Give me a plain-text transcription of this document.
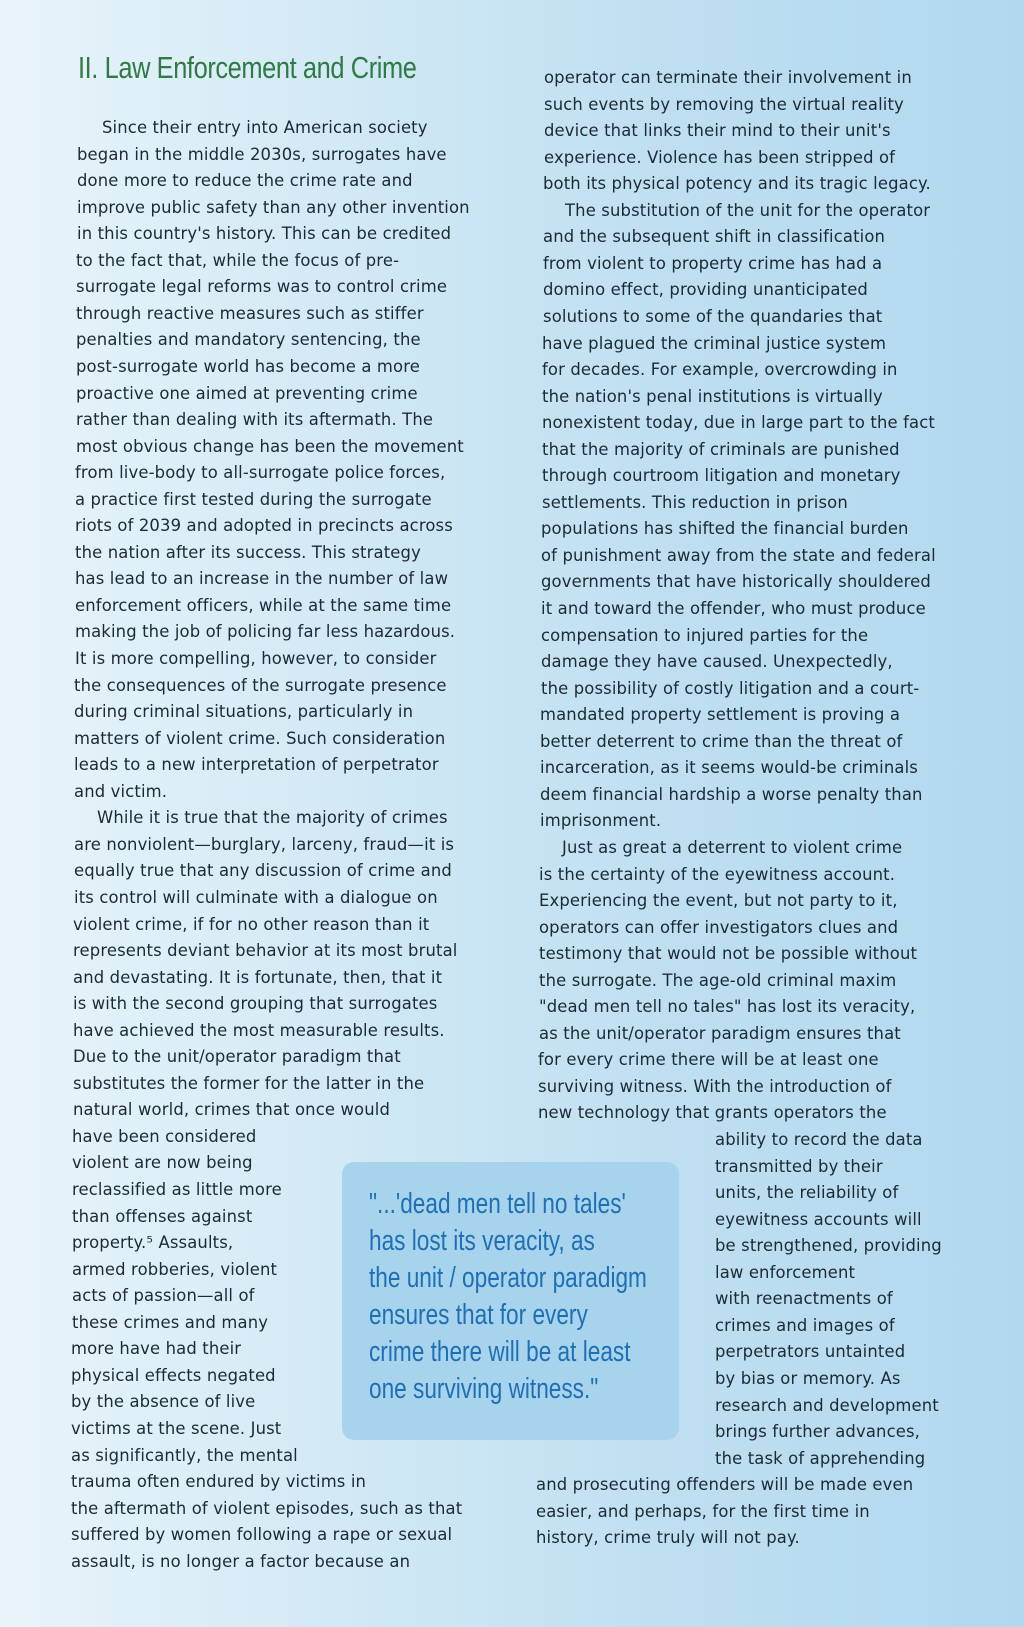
II. Law Enforcement and Crime
Since their entry into American society
began in the middle 2030s, surrogates have
done more to reduce the crime rate and
improve public safety than any other invention
in this country's history. This can be credited
to the fact that, while the focus of pre-
surrogate legal reforms was to control crime
through reactive measures such as stiffer
penalties and mandatory sentencing, the
post-surrogate world has become a more
proactive one aimed at preventing crime
rather than dealing with its aftermath. The
most obvious change has been the movement
from live-body to all-surrogate police forces,
a practice first tested during the surrogate
riots of 2039 and adopted in precincts across
the nation after its success. This strategy
has lead to an increase in the number of law
enforcement officers, while at the same time
making the job of policing far less hazardous.
It is more compelling, however, to consider
the consequences of the surrogate presence
during criminal situations, particularly in
matters of violent crime. Such consideration
leads to a new interpretation of perpetrator
and victim.
While it is true that the majority of crimes
are nonviolent—burglary, larceny, fraud—it is
equally true that any discussion of crime and
its control will culminate with a dialogue on
violent crime, if for no other reason than it
represents deviant behavior at its most brutal
and devastating. It is fortunate, then, that it
is with the second grouping that surrogates
have achieved the most measurable results.
Due to the unit/operator paradigm that
substitutes the former for the latter in the
natural world, crimes that once would
have been considered
violent are now being
reclassified as little more
than offenses against
property.⁵ Assaults,
armed robberies, violent
acts of passion—all of
these crimes and many
more have had their
physical effects negated
by the absence of live
victims at the scene. Just
as significantly, the mental
trauma often endured by victims in
the aftermath of violent episodes, such as that
suffered by women following a rape or sexual
assault, is no longer a factor because an
operator can terminate their involvement in
such events by removing the virtual reality
device that links their mind to their unit's
experience. Violence has been stripped of
both its physical potency and its tragic legacy.
The substitution of the unit for the operator
and the subsequent shift in classification
from violent to property crime has had a
domino effect, providing unanticipated
solutions to some of the quandaries that
have plagued the criminal justice system
for decades. For example, overcrowding in
the nation's penal institutions is virtually
nonexistent today, due in large part to the fact
that the majority of criminals are punished
through courtroom litigation and monetary
settlements. This reduction in prison
populations has shifted the financial burden
of punishment away from the state and federal
governments that have historically shouldered
it and toward the offender, who must produce
compensation to injured parties for the
damage they have caused. Unexpectedly,
the possibility of costly litigation and a court-
mandated property settlement is proving a
better deterrent to crime than the threat of
incarceration, as it seems would-be criminals
deem financial hardship a worse penalty than
imprisonment.
Just as great a deterrent to violent crime
is the certainty of the eyewitness account.
Experiencing the event, but not party to it,
operators can offer investigators clues and
testimony that would not be possible without
the surrogate. The age-old criminal maxim
"dead men tell no tales" has lost its veracity,
as the unit/operator paradigm ensures that
for every crime there will be at least one
surviving witness. With the introduction of
new technology that grants operators the
ability to record the data
transmitted by their
units, the reliability of
eyewitness accounts will
be strengthened, providing
law enforcement
with reenactments of
crimes and images of
perpetrators untainted
by bias or memory. As
research and development
brings further advances,
the task of apprehending
and prosecuting offenders will be made even
easier, and perhaps, for the first time in
history, crime truly will not pay.
"...'dead men tell no tales'
has lost its veracity, as
the unit / operator paradigm
ensures that for every
crime there will be at least
one surviving witness."
